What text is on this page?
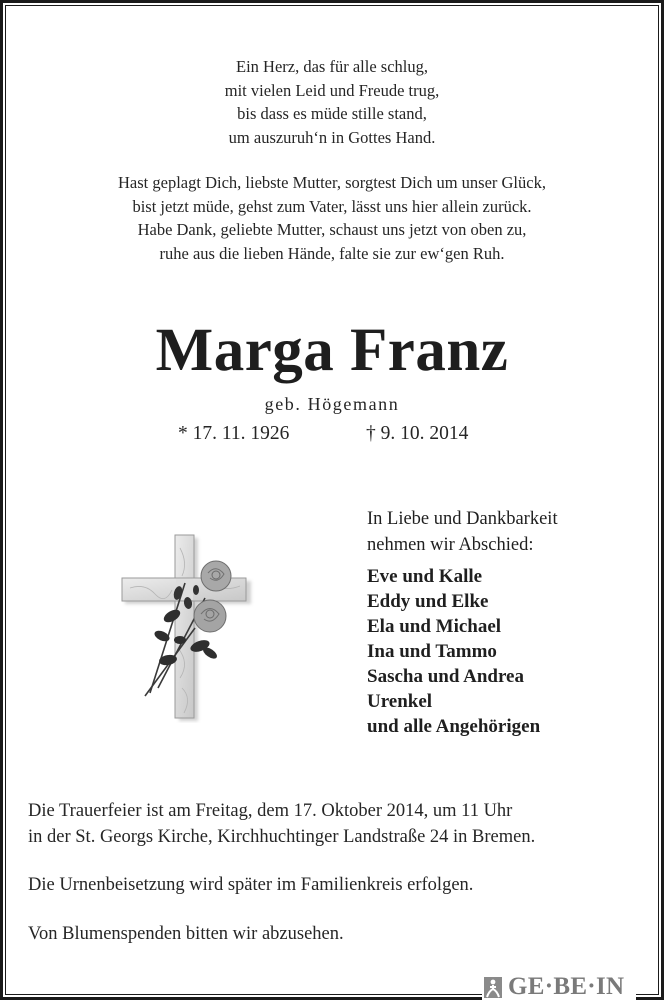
Ein Herz, das für alle schlug,
mit vielen Leid und Freude trug,
bis dass es müde stille stand,
um auszuruh‘n in Gottes Hand.
Hast geplagt Dich, liebste Mutter, sorgtest Dich um unser Glück,
bist jetzt müde, gehst zum Vater, lässt uns hier allein zurück.
Habe Dank, geliebte Mutter, schaust uns jetzt von oben zu,
ruhe aus die lieben Hände, falte sie zur ew‘gen Ruh.
Marga Franz
geb. Högemann
* 17. 11. 1926	† 9. 10. 2014
In Liebe und Dankbarkeit
nehmen wir Abschied:
Eve und Kalle
Eddy und Elke
Ela und Michael
Ina und Tammo
Sascha und Andrea
Urenkel
und alle Angehörigen
Die Trauerfeier ist am Freitag, dem 17. Oktober 2014, um 11 Uhr
in der St. Georgs Kirche, Kirchhuchtinger Landstraße 24 in Bremen.
Die Urnenbeisetzung wird später im Familienkreis erfolgen.
Von Blumenspenden bitten wir abzusehen.
GE·BE·IN
